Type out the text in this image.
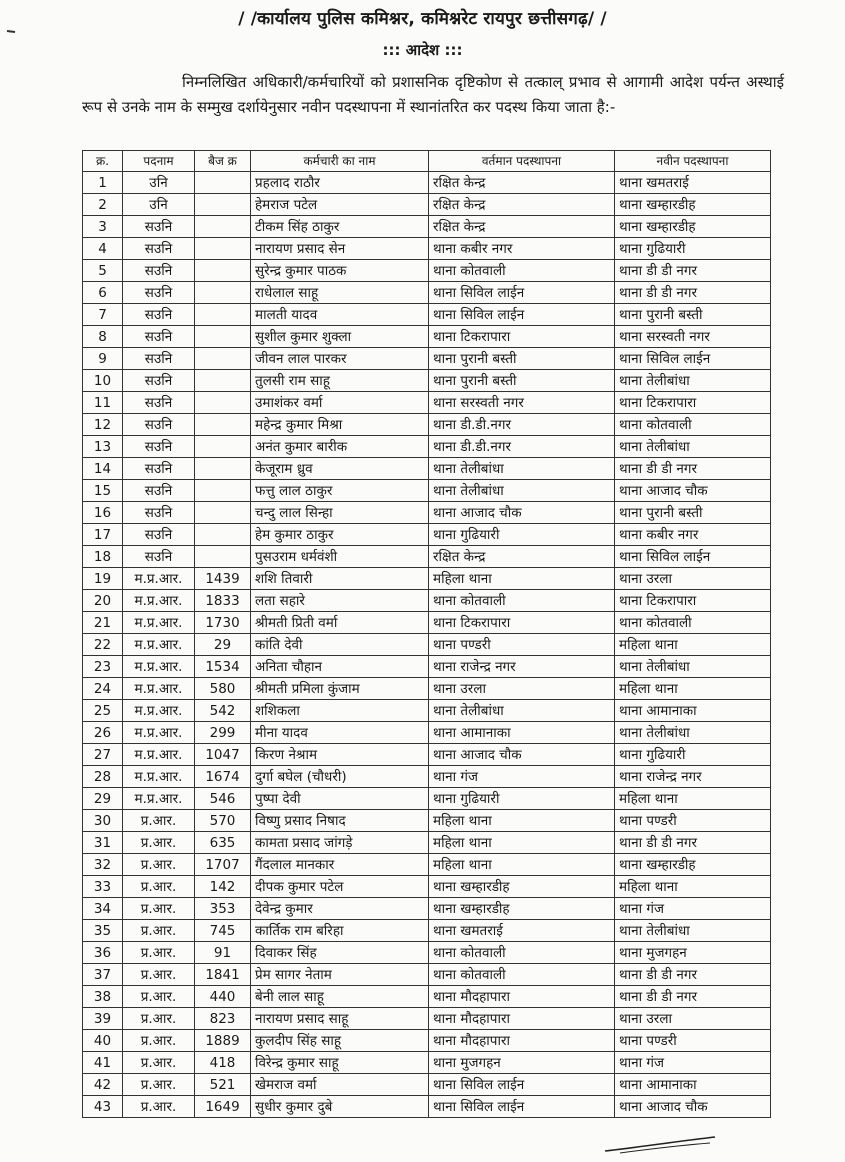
/ /कार्यालय पुलिस कमिश्नर, कमिश्नरेट रायपुर छत्तीसगढ़/ /
::: आदेश :::
निम्नलिखित अधिकारी/कर्मचारियों को प्रशासनिक दृष्टिकोण से तत्काल् प्रभाव से आगामी आदेश पर्यन्त अस्थाई रूप से उनके नाम के सम्मुख दर्शायेनुसार नवीन पदस्थापना में स्थानांतरित कर पदस्थ किया जाता है:-
क्र.	पदनाम	बैज क्र	कर्मचारी का नाम	वर्तमान पदस्थापना	नवीन पदस्थापना
1	उनि		प्रहलाद राठौर	रक्षित केन्द्र	थाना खमतराई
2	उनि		हेमराज पटेल	रक्षित केन्द्र	थाना खम्हारडीह
3	सउनि		टीकम सिंह ठाकुर	रक्षित केन्द्र	थाना खम्हारडीह
4	सउनि		नारायण प्रसाद सेन	थाना कबीर नगर	थाना गुढियारी
5	सउनि		सुरेन्द्र कुमार पाठक	थाना कोतवाली	थाना डी डी नगर
6	सउनि		राधेलाल साहू	थाना सिविल लाईन	थाना डी डी नगर
7	सउनि		मालती यादव	थाना सिविल लाईन	थाना पुरानी बस्ती
8	सउनि		सुशील कुमार शुक्ला	थाना टिकरापारा	थाना सरस्वती नगर
9	सउनि		जीवन लाल पारकर	थाना पुरानी बस्ती	थाना सिविल लाईन
10	सउनि		तुलसी राम साहू	थाना पुरानी बस्ती	थाना तेलीबांधा
11	सउनि		उमाशंकर वर्मा	थाना सरस्वती नगर	थाना टिकरापारा
12	सउनि		महेन्द्र कुमार मिश्रा	थाना डी.डी.नगर	थाना कोतवाली
13	सउनि		अनंत कुमार बारीक	थाना डी.डी.नगर	थाना तेलीबांधा
14	सउनि		केजूराम ध्रुव	थाना तेलीबांधा	थाना डी डी नगर
15	सउनि		फत्तु लाल ठाकुर	थाना तेलीबांधा	थाना आजाद चौक
16	सउनि		चन्दु लाल सिन्हा	थाना आजाद चौक	थाना पुरानी बस्ती
17	सउनि		हेम कुमार ठाकुर	थाना गुढियारी	थाना कबीर नगर
18	सउनि		पुसउराम धर्मवंशी	रक्षित केन्द्र	थाना सिविल लाईन
19	म.प्र.आर.	1439	शशि तिवारी	महिला थाना	थाना उरला
20	म.प्र.आर.	1833	लता सहारे	थाना कोतवाली	थाना टिकरापारा
21	म.प्र.आर.	1730	श्रीमती प्रिती वर्मा	थाना टिकरापारा	थाना कोतवाली
22	म.प्र.आर.	29	कांति देवी	थाना पण्डरी	महिला थाना
23	म.प्र.आर.	1534	अनिता चौहान	थाना राजेन्द्र नगर	थाना तेलीबांधा
24	म.प्र.आर.	580	श्रीमती प्रमिला कुंजाम	थाना उरला	महिला थाना
25	म.प्र.आर.	542	शशिकला	थाना तेलीबांधा	थाना आमानाका
26	म.प्र.आर.	299	मीना यादव	थाना आमानाका	थाना तेलीबांधा
27	म.प्र.आर.	1047	किरण नेश्राम	थाना आजाद चौक	थाना गुढियारी
28	म.प्र.आर.	1674	दुर्गा बघेल (चौधरी)	थाना गंज	थाना राजेन्द्र नगर
29	म.प्र.आर.	546	पुष्पा देवी	थाना गुढियारी	महिला थाना
30	प्र.आर.	570	विष्णु प्रसाद निषाद	महिला थाना	थाना पण्डरी
31	प्र.आर.	635	कामता प्रसाद जांगड़े	महिला थाना	थाना डी डी नगर
32	प्र.आर.	1707	गैंदलाल मानकार	महिला थाना	थाना खम्हारडीह
33	प्र.आर.	142	दीपक कुमार पटेल	थाना खम्हारडीह	महिला थाना
34	प्र.आर.	353	देवेन्द्र कुमार	थाना खम्हारडीह	थाना गंज
35	प्र.आर.	745	कार्तिक राम बरिहा	थाना खमतराई	थाना तेलीबांधा
36	प्र.आर.	91	दिवाकर सिंह	थाना कोतवाली	थाना मुजगहन
37	प्र.आर.	1841	प्रेम सागर नेताम	थाना कोतवाली	थाना डी डी नगर
38	प्र.आर.	440	बेनी लाल साहू	थाना मौदहापारा	थाना डी डी नगर
39	प्र.आर.	823	नारायण प्रसाद साहू	थाना मौदहापारा	थाना उरला
40	प्र.आर.	1889	कुलदीप सिंह साहू	थाना मौदहापारा	थाना पण्डरी
41	प्र.आर.	418	विरेन्द्र कुमार साहू	थाना मुजगहन	थाना गंज
42	प्र.आर.	521	खेमराज वर्मा	थाना सिविल लाईन	थाना आमानाका
43	प्र.आर.	1649	सुधीर कुमार दुबे	थाना सिविल लाईन	थाना आजाद चौक
